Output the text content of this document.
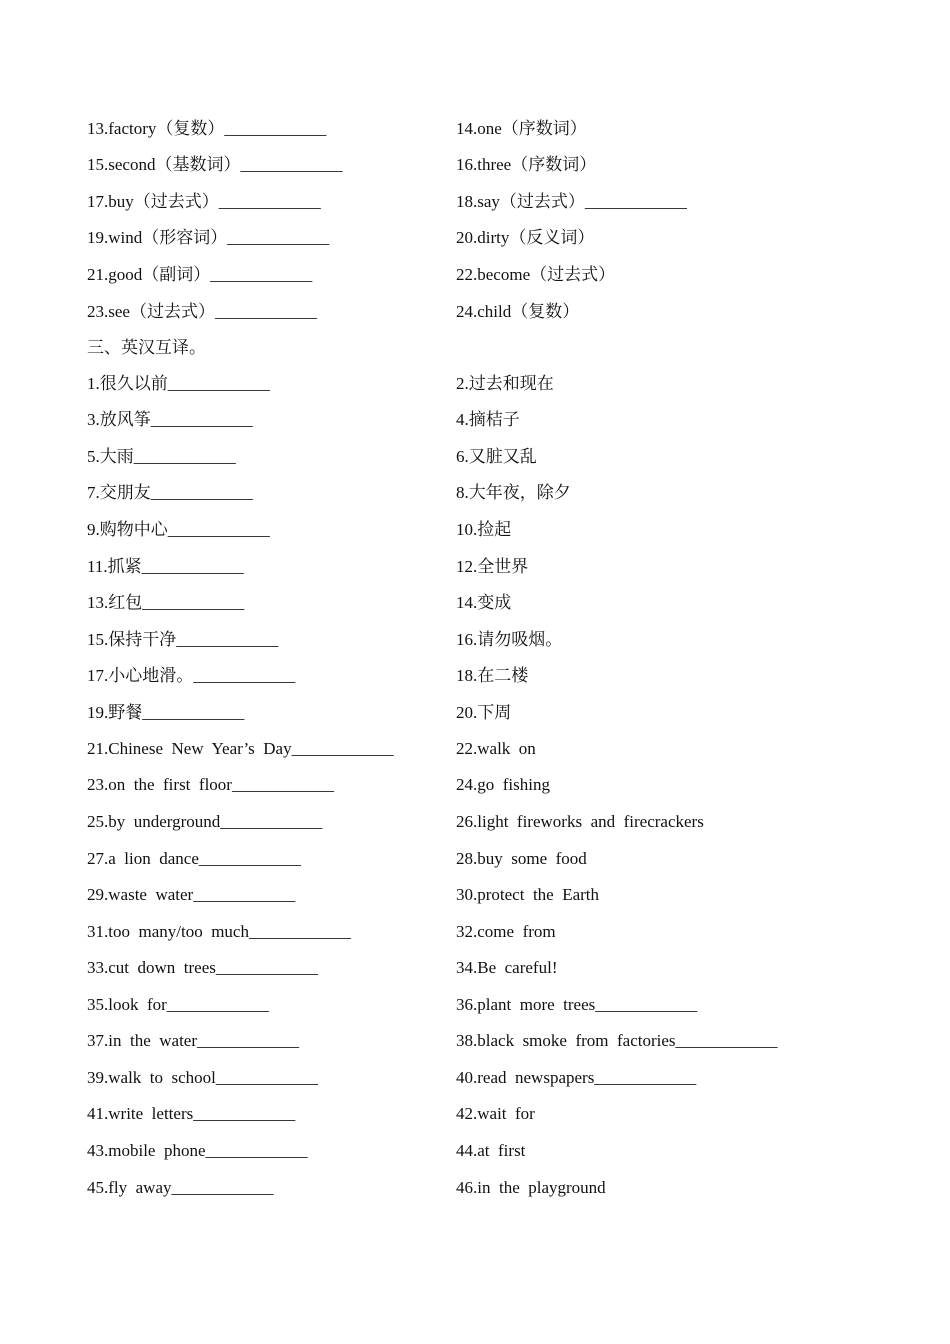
13.factory（复数）____________	14.one（序数词）
15.second（基数词）____________	16.three（序数词）
17.buy（过去式）____________	18.say（过去式）____________
19.wind（形容词）____________	20.dirty（反义词）
21.good（副词）____________	22.become（过去式）
23.see（过去式）____________	24.child（复数）
三、英汉互译。
1.很久以前____________	2.过去和现在
3.放风筝____________	4.摘桔子
5.大雨____________	6.又脏又乱
7.交朋友____________	8.大年夜，除夕
9.购物中心____________	10.捡起
11.抓紧____________	12.全世界
13.红包____________	14.变成
15.保持干净____________	16.请勿吸烟。
17.小心地滑。____________	18.在二楼
19.野餐____________	20.下周
21.Chinese  New  Year’s  Day____________	22.walk  on
23.on  the  first  floor____________	24.go  fishing
25.by  underground____________	26.light  fireworks  and  firecrackers
27.a  lion  dance____________	28.buy  some  food
29.waste  water____________	30.protect  the  Earth
31.too  many/too  much____________	32.come  from
33.cut  down  trees____________	34.Be  careful!
35.look  for____________	36.plant  more  trees____________
37.in  the  water____________	38.black  smoke  from  factories____________
39.walk  to  school____________	40.read  newspapers____________
41.write  letters____________	42.wait  for
43.mobile  phone____________	44.at  first
45.fly  away____________	46.in  the  playground
